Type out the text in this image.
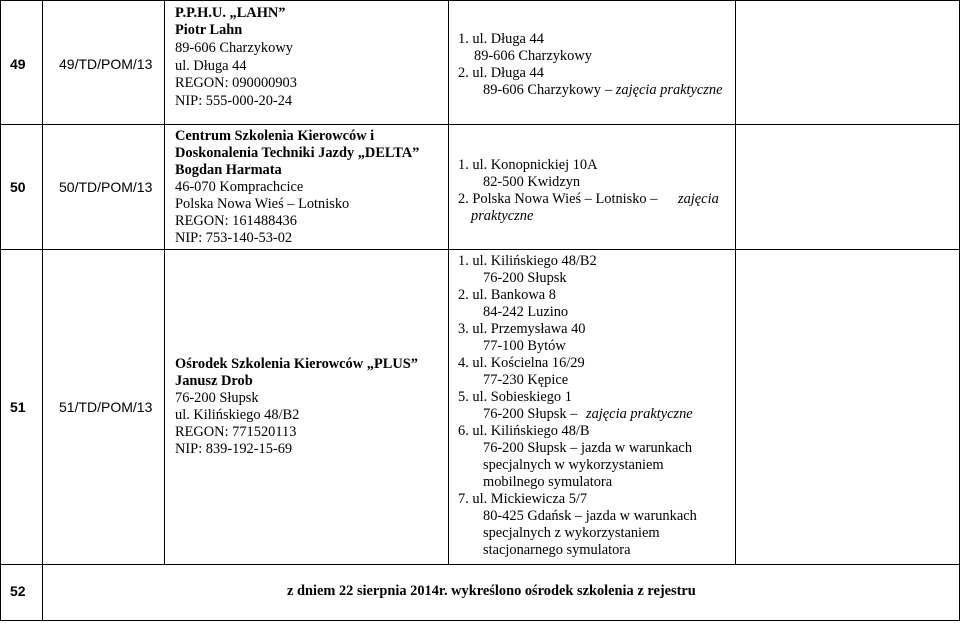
49 49/TD/POM/13
P.P.H.U. „LAHN”
Piotr Lahn
89-606 Charzykowy
ul. Długa 44
REGON: 090000903
NIP: 555-000-20-24
1. ul. Długa 44
89-606 Charzykowy
2. ul. Długa 44
89-606 Charzykowy – zajęcia praktyczne
50 50/TD/POM/13
Centrum Szkolenia Kierowców i
Doskonalenia Techniki Jazdy „DELTA”
Bogdan Harmata
46-070 Komprachcice
Polska Nowa Wieś – Lotnisko
REGON: 161488436
NIP: 753-140-53-02
1. ul. Konopnickiej 10A
82-500 Kwidzyn
2. Polska Nowa Wieś – Lotnisko – zajęcia
praktyczne
51 51/TD/POM/13
Ośrodek Szkolenia Kierowców „PLUS”
Janusz Drob
76-200 Słupsk
ul. Kilińskiego 48/B2
REGON: 771520113
NIP: 839-192-15-69
1. ul. Kilińskiego 48/B2
76-200 Słupsk
2. ul. Bankowa 8
84-242 Luzino
3. ul. Przemysława 40
77-100 Bytów
4. ul. Kościelna 16/29
77-230 Kępice
5. ul. Sobieskiego 1
76-200 Słupsk – zajęcia praktyczne
6. ul. Kilińskiego 48/B
76-200 Słupsk – jazda w warunkach
specjalnych w wykorzystaniem
mobilnego symulatora
7. ul. Mickiewicza 5/7
80-425 Gdańsk – jazda w warunkach
specjalnych z wykorzystaniem
stacjonarnego symulatora
52	z dniem 22 sierpnia 2014r. wykreślono ośrodek szkolenia z rejestru
